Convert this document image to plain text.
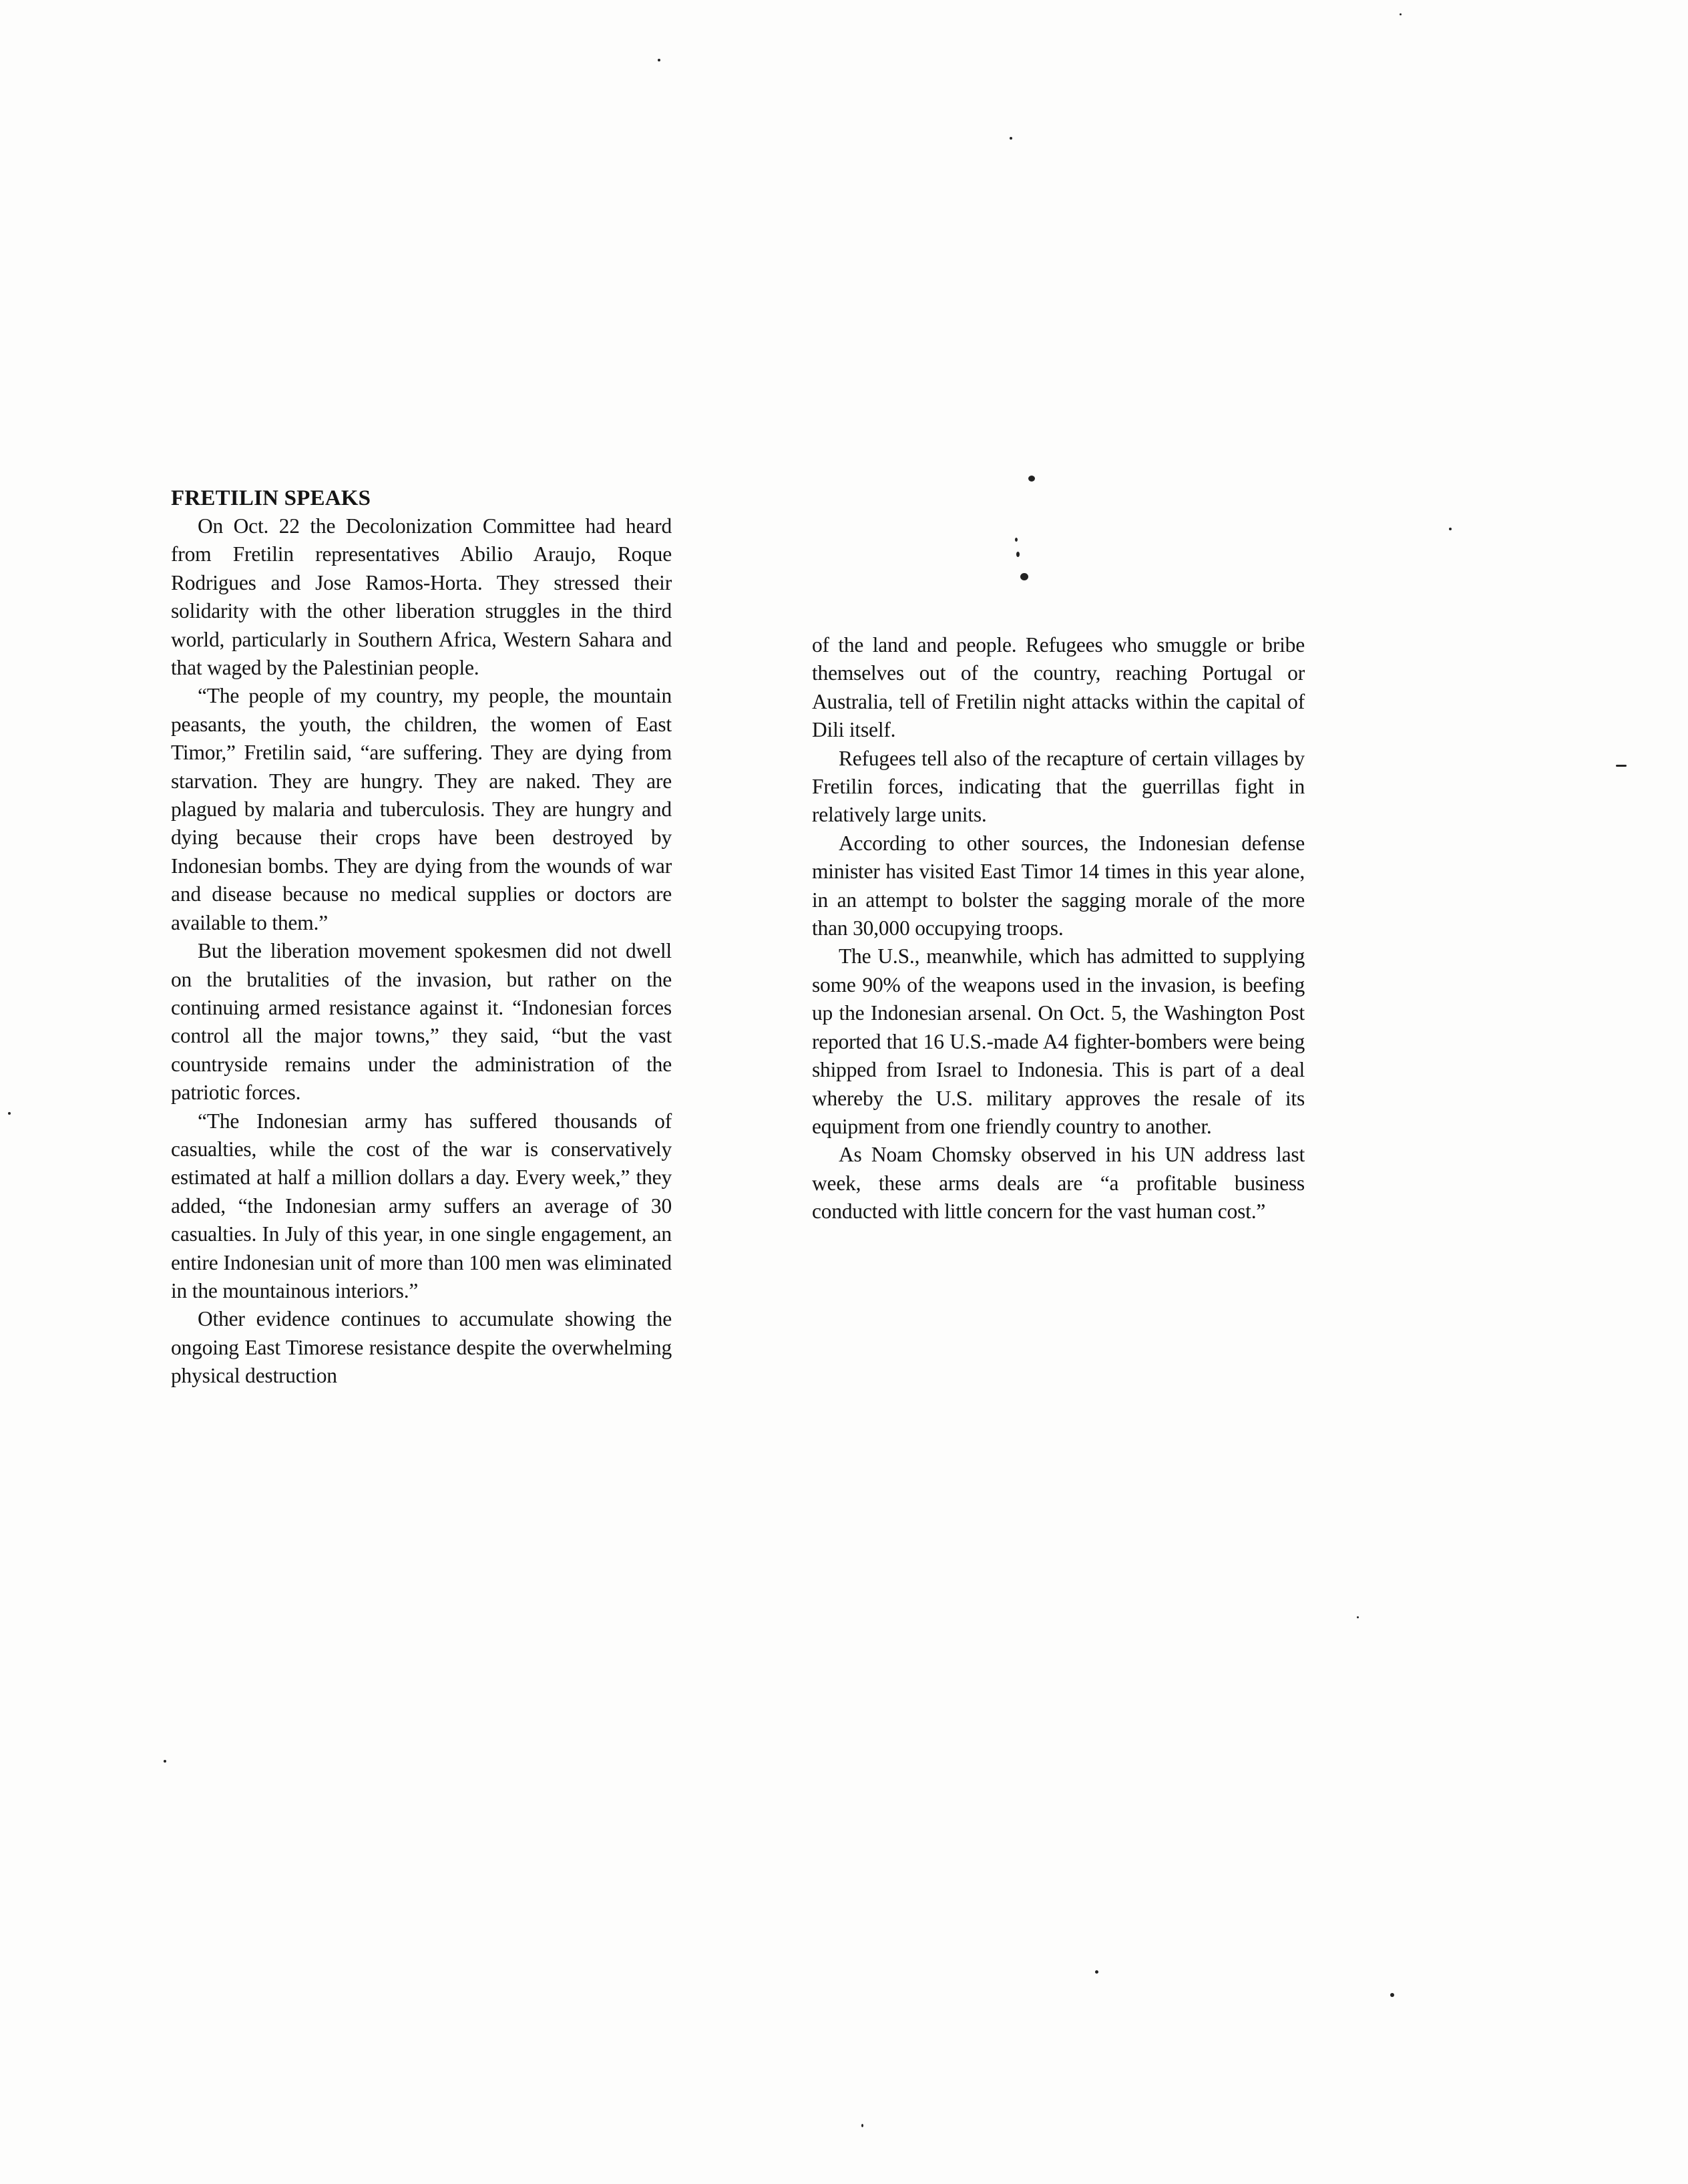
FRETILIN SPEAKS

On Oct. 22 the Decolonization Committee had heard from Fretilin representatives Abilio Araujo, Roque Rodrigues and Jose Ramos-Horta. They stressed their solidarity with the other liberation struggles in the third world, particularly in Southern Africa, Western Sahara and that waged by the Palestinian people.

“The people of my country, my people, the mountain peasants, the youth, the children, the women of East Timor,” Fretilin said, “are suffering. They are dying from starvation. They are hungry. They are naked. They are plagued by malaria and tuberculosis. They are hungry and dying because their crops have been destroyed by Indonesian bombs. They are dying from the wounds of war and disease because no medical supplies or doctors are available to them.”

But the liberation movement spokesmen did not dwell on the brutalities of the invasion, but rather on the continuing armed resistance against it. “Indonesian forces control all the major towns,” they said, “but the vast countryside remains under the administration of the patriotic forces.

“The Indonesian army has suffered thousands of casualties, while the cost of the war is conservatively estimated at half a million dollars a day. Every week,” they added, “the Indonesian army suffers an average of 30 casualties. In July of this year, in one single engagement, an entire Indonesian unit of more than 100 men was eliminated in the mountainous interiors.”

Other evidence continues to accumulate showing the ongoing East Timorese resistance despite the overwhelming physical destruction

of the land and people. Refugees who smuggle or bribe themselves out of the country, reaching Portugal or Australia, tell of Fretilin night attacks within the capital of Dili itself.

Refugees tell also of the recapture of certain villages by Fretilin forces, indicating that the guerrillas fight in relatively large units.

According to other sources, the Indonesian defense minister has visited East Timor 14 times in this year alone, in an attempt to bolster the sagging morale of the more than 30,000 occupying troops.

The U.S., meanwhile, which has admitted to supplying some 90% of the weapons used in the invasion, is beefing up the Indonesian arsenal. On Oct. 5, the Washington Post reported that 16 U.S.-made A4 fighter-bombers were being shipped from Israel to Indonesia. This is part of a deal whereby the U.S. military approves the resale of its equipment from one friendly country to another.

As Noam Chomsky observed in his UN address last week, these arms deals are “a profitable business conducted with little concern for the vast human cost.”
